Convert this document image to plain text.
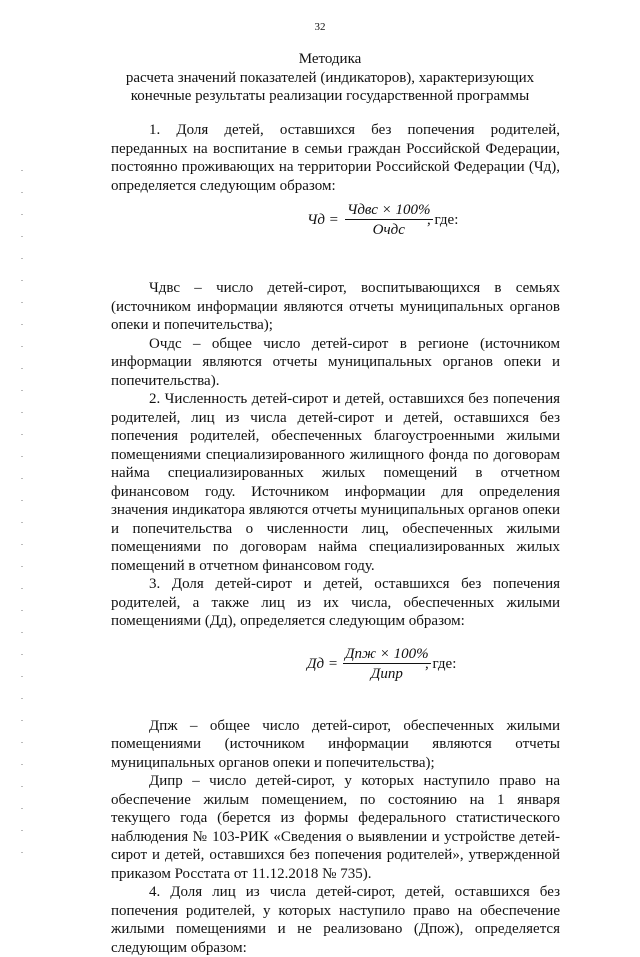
32
Методика
расчета значений показателей (индикаторов), характеризующих
конечные результаты реализации государственной программы

1. Доля детей, оставшихся без попечения родителей, переданных на воспитание в семьи граждан Российской Федерации, постоянно проживающих на территории Российской Федерации (Чд), определяется следующим образом:

Чд =
Чдвс × 100%
Очдс
, где:

Чдвс – число детей-сирот, воспитывающихся в семьях (источником информации являются отчеты муниципальных органов опеки и попечительства);

Очдс – общее число детей-сирот в регионе (источником информации являются отчеты муниципальных органов опеки и попечительства).

2. Численность детей-сирот и детей, оставшихся без попечения родителей, лиц из числа детей-сирот и детей, оставшихся без попечения родителей, обеспеченных благоустроенными жилыми помещениями специализированного жилищного фонда по договорам найма специализированных жилых помещений в отчетном финансовом году. Источником информации для определения значения индикатора являются отчеты муниципальных органов опеки и попечительства о численности лиц, обеспеченных жилыми помещениями по договорам найма специализированных жилых помещений в отчетном финансовом году.

3. Доля детей-сирот и детей, оставшихся без попечения родителей, а также лиц из их числа, обеспеченных жилыми помещениями (Дд), определяется следующим образом:

Дд =
Дпж × 100%
Дипр
, где:

Дпж – общее число детей-сирот, обеспеченных жилыми помещениями (источником информации являются отчеты муниципальных органов опеки и попечительства);

Дипр – число детей-сирот, у которых наступило право на обеспечение жилым помещением, по состоянию на 1 января текущего года (берется из формы федерального статистического наблюдения № 103-РИК «Сведения о выявлении и устройстве детей-сирот и детей, оставшихся без попечения родителей», утвержденной приказом Росстата от 11.12.2018 № 735).

4. Доля лиц из числа детей-сирот, детей, оставшихся без попечения родителей, у которых наступило право на обеспечение жилыми помещениями и не реализовано (Дпож), определяется следующим образом:
